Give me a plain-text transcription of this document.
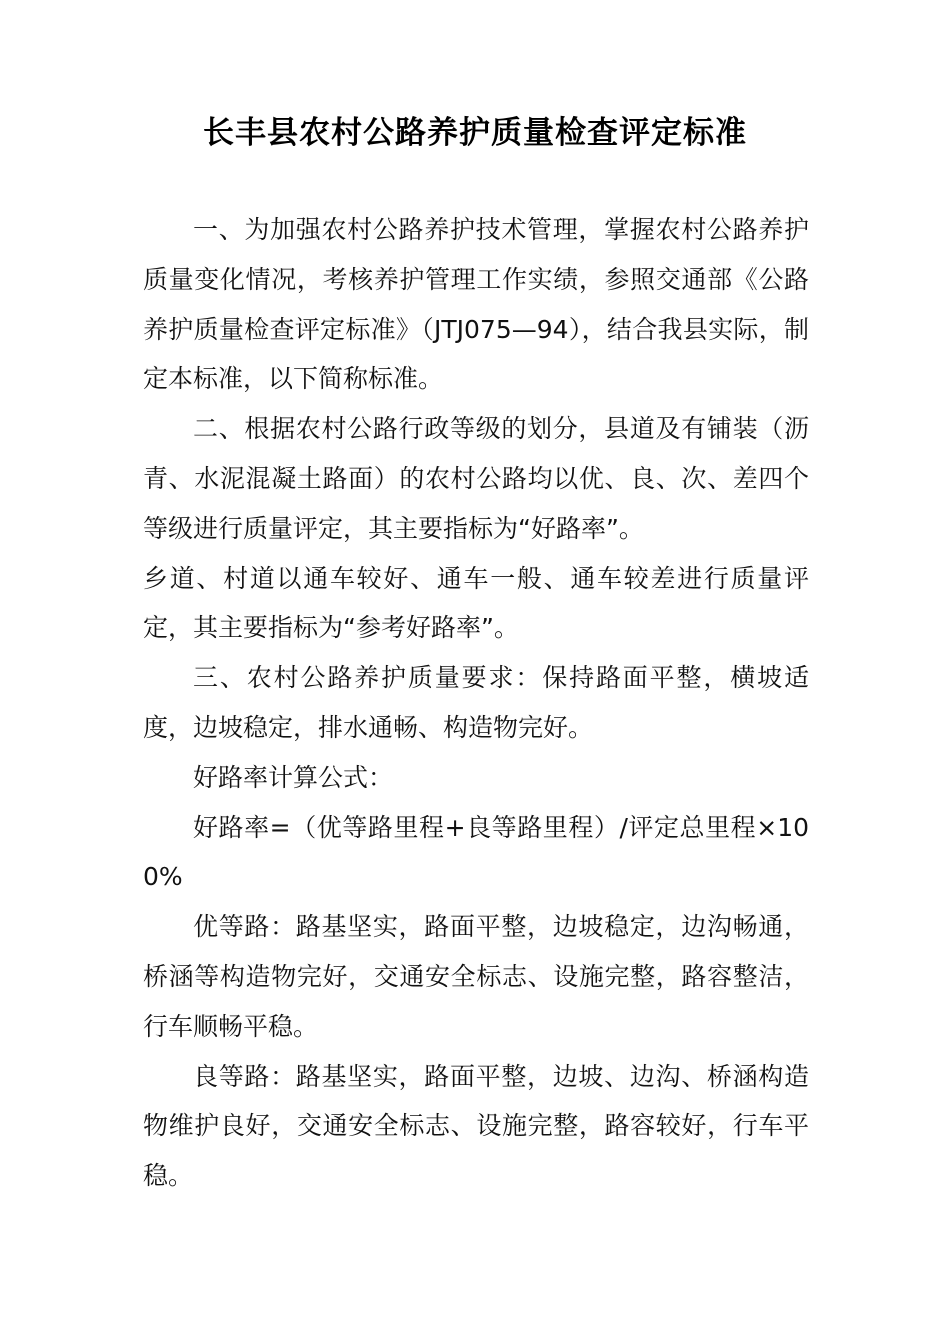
长丰县农村公路养护质量检查评定标准

一、为加强农村公路养护技术管理，掌握农村公路养护质量变化情况，考核养护管理工作实绩，参照交通部《公路养护质量检查评定标准》（JTJ075—94），结合我县实际，制定本标准，以下简称标准。

二、根据农村公路行政等级的划分，县道及有铺装（沥青、水泥混凝土路面）的农村公路均以优、良、次、差四个等级进行质量评定，其主要指标为“好路率”。

乡道、村道以通车较好、通车一般、通车较差进行质量评定，其主要指标为“参考好路率”。

三、农村公路养护质量要求：保持路面平整，横坡适度，边坡稳定，排水通畅、构造物完好。

好路率计算公式：

好路率=（优等路里程+良等路里程）/评定总里程×100%

优等路：路基坚实，路面平整，边坡稳定，边沟畅通，桥涵等构造物完好，交通安全标志、设施完整，路容整洁，行车顺畅平稳。

良等路：路基坚实，路面平整，边坡、边沟、桥涵构造物维护良好，交通安全标志、设施完整，路容较好，行车平稳。
